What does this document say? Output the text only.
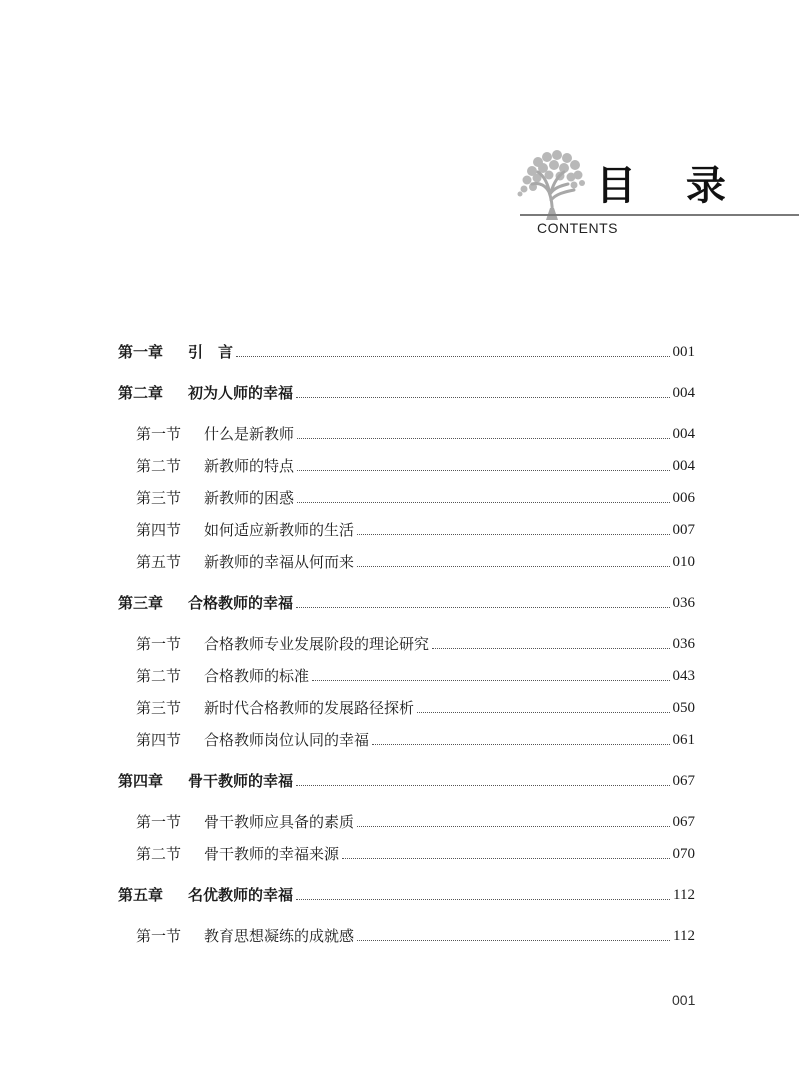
目 录
CONTENTS
第一章 引　言	001
第二章 初为人师的幸福	004
第一节 什么是新教师	004
第二节 新教师的特点	004
第三节 新教师的困惑	006
第四节 如何适应新教师的生活	007
第五节 新教师的幸福从何而来	010
第三章 合格教师的幸福	036
第一节 合格教师专业发展阶段的理论研究	036
第二节 合格教师的标准	043
第三节 新时代合格教师的发展路径探析	050
第四节 合格教师岗位认同的幸福	061
第四章 骨干教师的幸福	067
第一节 骨干教师应具备的素质	067
第二节 骨干教师的幸福来源	070
第五章 名优教师的幸福	112
第一节 教育思想凝练的成就感	112
001
